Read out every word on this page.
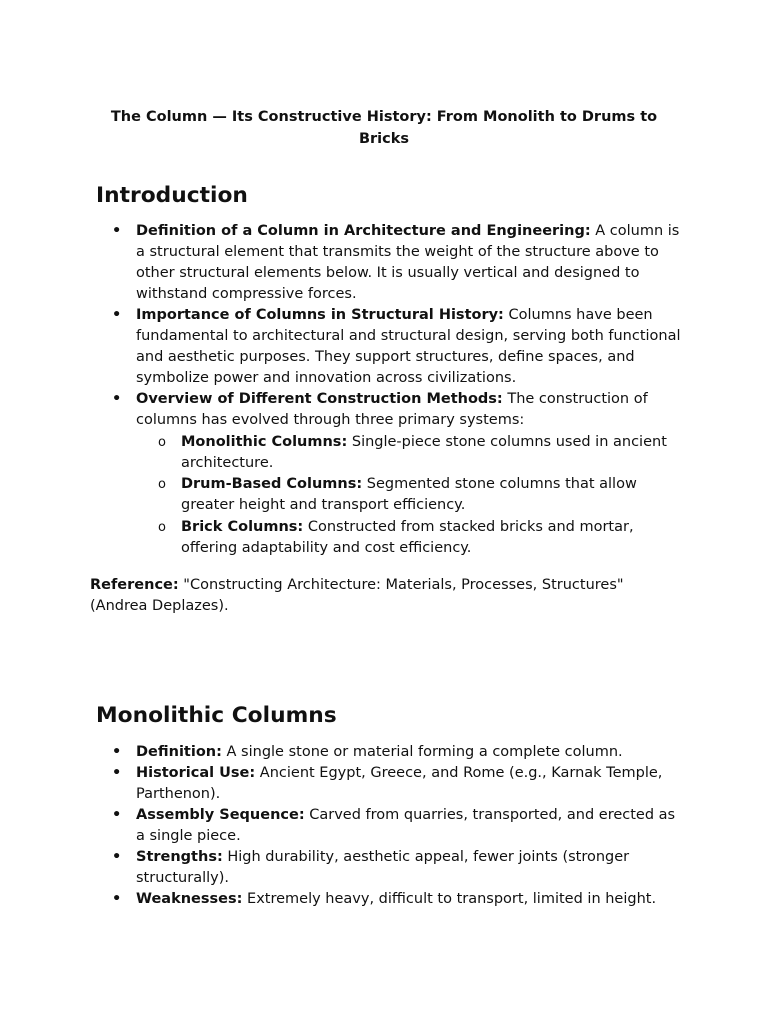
The Column — Its Constructive History: From Monolith to Drums to Bricks
Introduction
• Definition of a Column in Architecture and Engineering: A column is a structural element that transmits the weight of the structure above to other structural elements below. It is usually vertical and designed to withstand compressive forces.
• Importance of Columns in Structural History: Columns have been fundamental to architectural and structural design, serving both functional and aesthetic purposes. They support structures, define spaces, and symbolize power and innovation across civilizations.
• Overview of Different Construction Methods: The construction of columns has evolved through three primary systems:
o Monolithic Columns: Single-piece stone columns used in ancient architecture.
o Drum-Based Columns: Segmented stone columns that allow greater height and transport efficiency.
o Brick Columns: Constructed from stacked bricks and mortar, offering adaptability and cost efficiency.

Reference: "Constructing Architecture: Materials, Processes, Structures" (Andrea Deplazes).

Monolithic Columns
• Definition: A single stone or material forming a complete column.
• Historical Use: Ancient Egypt, Greece, and Rome (e.g., Karnak Temple, Parthenon).
• Assembly Sequence: Carved from quarries, transported, and erected as a single piece.
• Strengths: High durability, aesthetic appeal, fewer joints (stronger structurally).
• Weaknesses: Extremely heavy, difficult to transport, limited in height.
